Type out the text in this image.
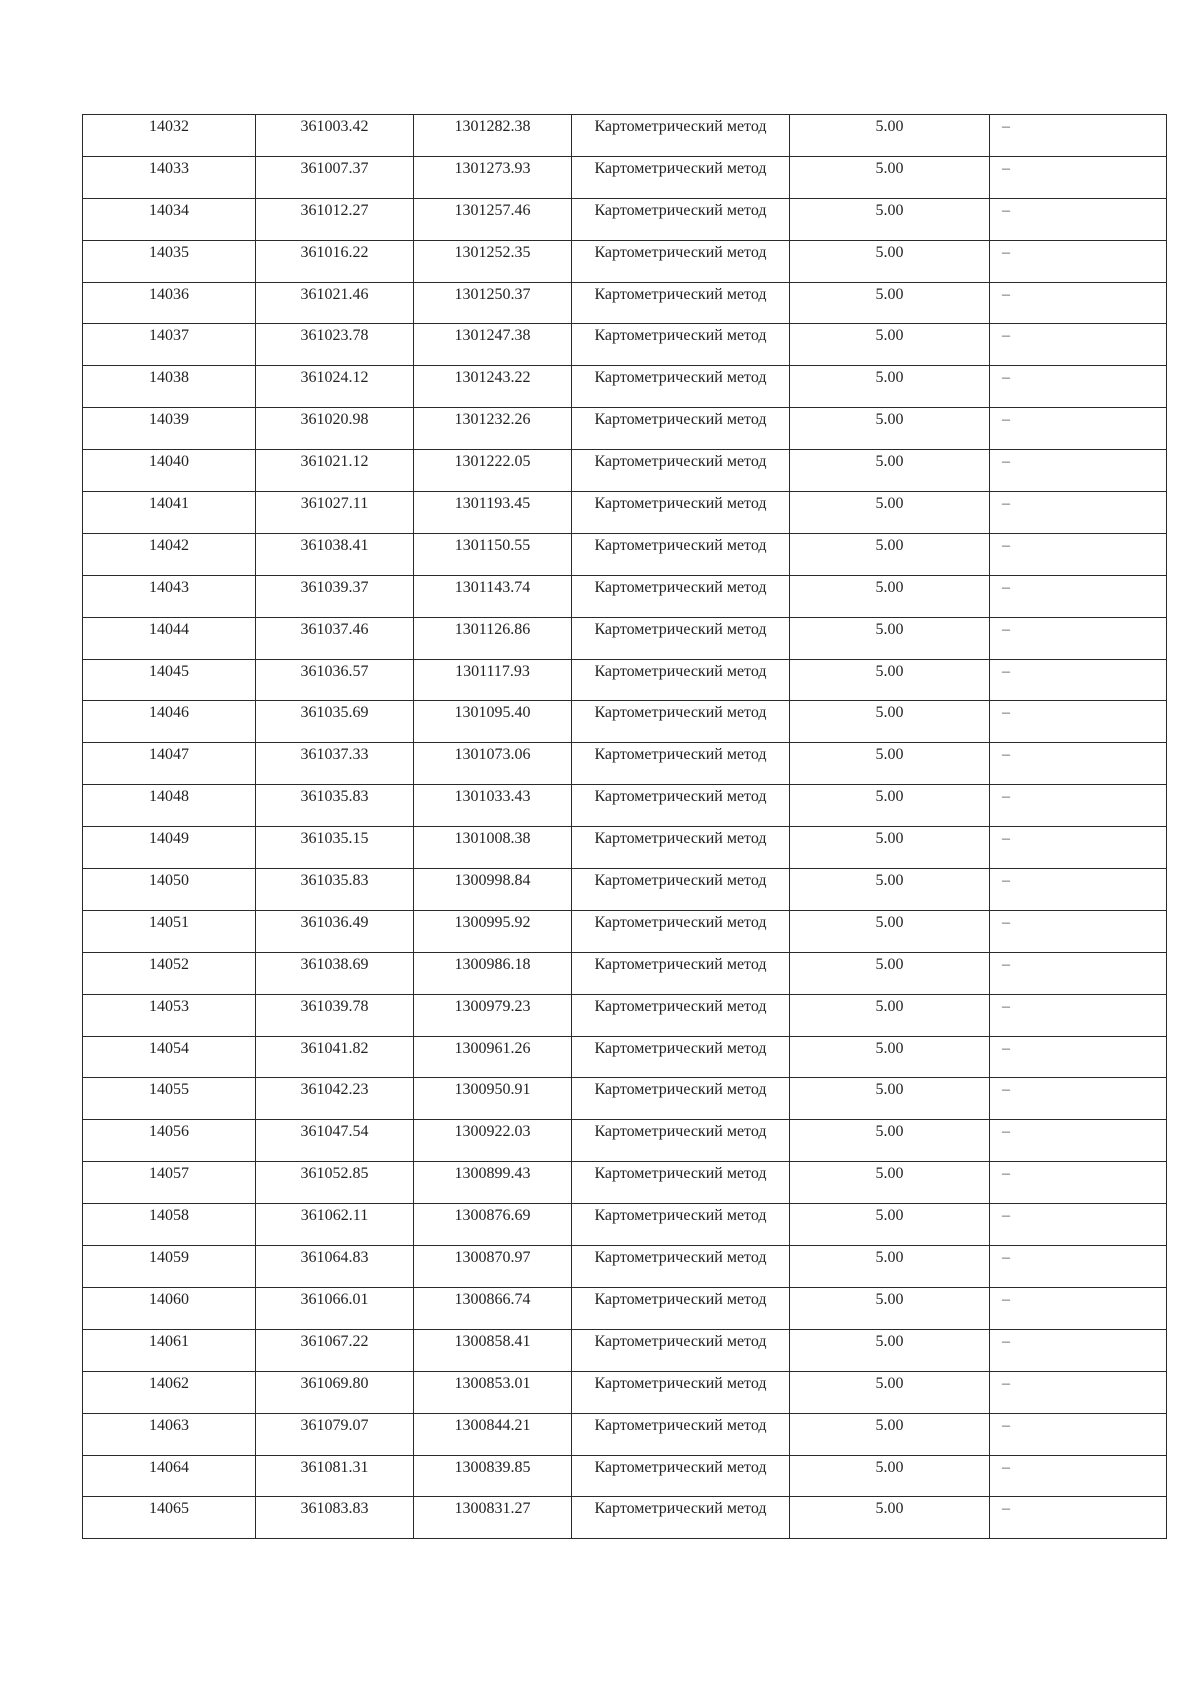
14032	361003.42	1301282.38	Картометрический метод	5.00	–
14033	361007.37	1301273.93	Картометрический метод	5.00	–
14034	361012.27	1301257.46	Картометрический метод	5.00	–
14035	361016.22	1301252.35	Картометрический метод	5.00	–
14036	361021.46	1301250.37	Картометрический метод	5.00	–
14037	361023.78	1301247.38	Картометрический метод	5.00	–
14038	361024.12	1301243.22	Картометрический метод	5.00	–
14039	361020.98	1301232.26	Картометрический метод	5.00	–
14040	361021.12	1301222.05	Картометрический метод	5.00	–
14041	361027.11	1301193.45	Картометрический метод	5.00	–
14042	361038.41	1301150.55	Картометрический метод	5.00	–
14043	361039.37	1301143.74	Картометрический метод	5.00	–
14044	361037.46	1301126.86	Картометрический метод	5.00	–
14045	361036.57	1301117.93	Картометрический метод	5.00	–
14046	361035.69	1301095.40	Картометрический метод	5.00	–
14047	361037.33	1301073.06	Картометрический метод	5.00	–
14048	361035.83	1301033.43	Картометрический метод	5.00	–
14049	361035.15	1301008.38	Картометрический метод	5.00	–
14050	361035.83	1300998.84	Картометрический метод	5.00	–
14051	361036.49	1300995.92	Картометрический метод	5.00	–
14052	361038.69	1300986.18	Картометрический метод	5.00	–
14053	361039.78	1300979.23	Картометрический метод	5.00	–
14054	361041.82	1300961.26	Картометрический метод	5.00	–
14055	361042.23	1300950.91	Картометрический метод	5.00	–
14056	361047.54	1300922.03	Картометрический метод	5.00	–
14057	361052.85	1300899.43	Картометрический метод	5.00	–
14058	361062.11	1300876.69	Картометрический метод	5.00	–
14059	361064.83	1300870.97	Картометрический метод	5.00	–
14060	361066.01	1300866.74	Картометрический метод	5.00	–
14061	361067.22	1300858.41	Картометрический метод	5.00	–
14062	361069.80	1300853.01	Картометрический метод	5.00	–
14063	361079.07	1300844.21	Картометрический метод	5.00	–
14064	361081.31	1300839.85	Картометрический метод	5.00	–
14065	361083.83	1300831.27	Картометрический метод	5.00	–
